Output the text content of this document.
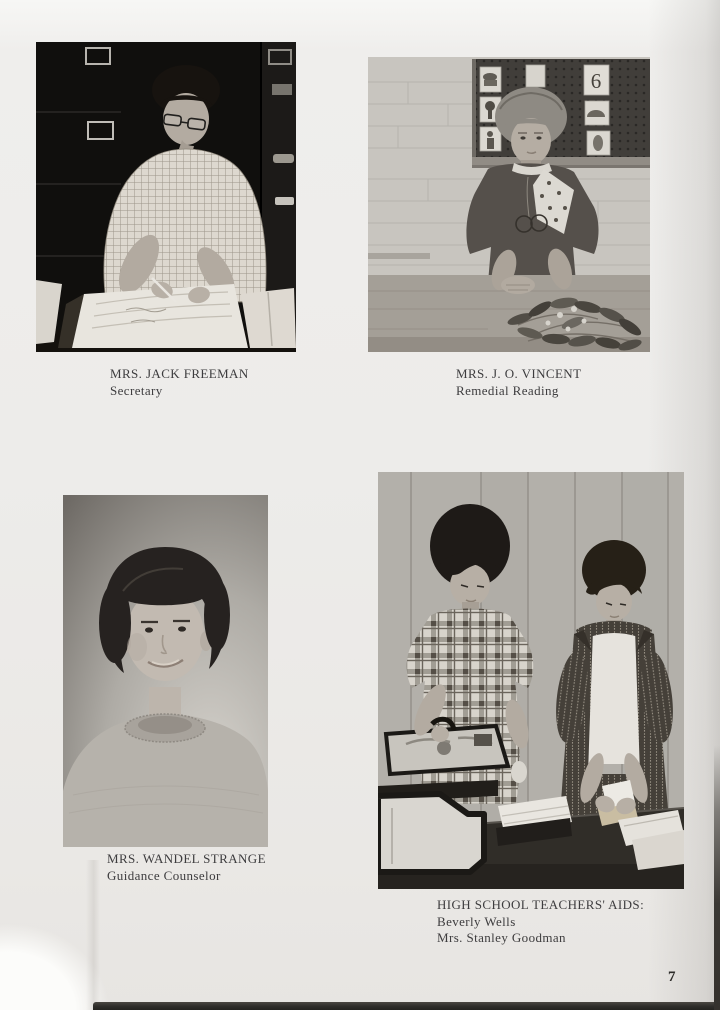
6
MRS. JACK FREEMAN
Secretary
MRS. J. O. VINCENT
Remedial Reading
MRS. WANDEL STRANGE
Guidance Counselor
HIGH SCHOOL TEACHERS' AIDS:
Beverly Wells
Mrs. Stanley Goodman
7
